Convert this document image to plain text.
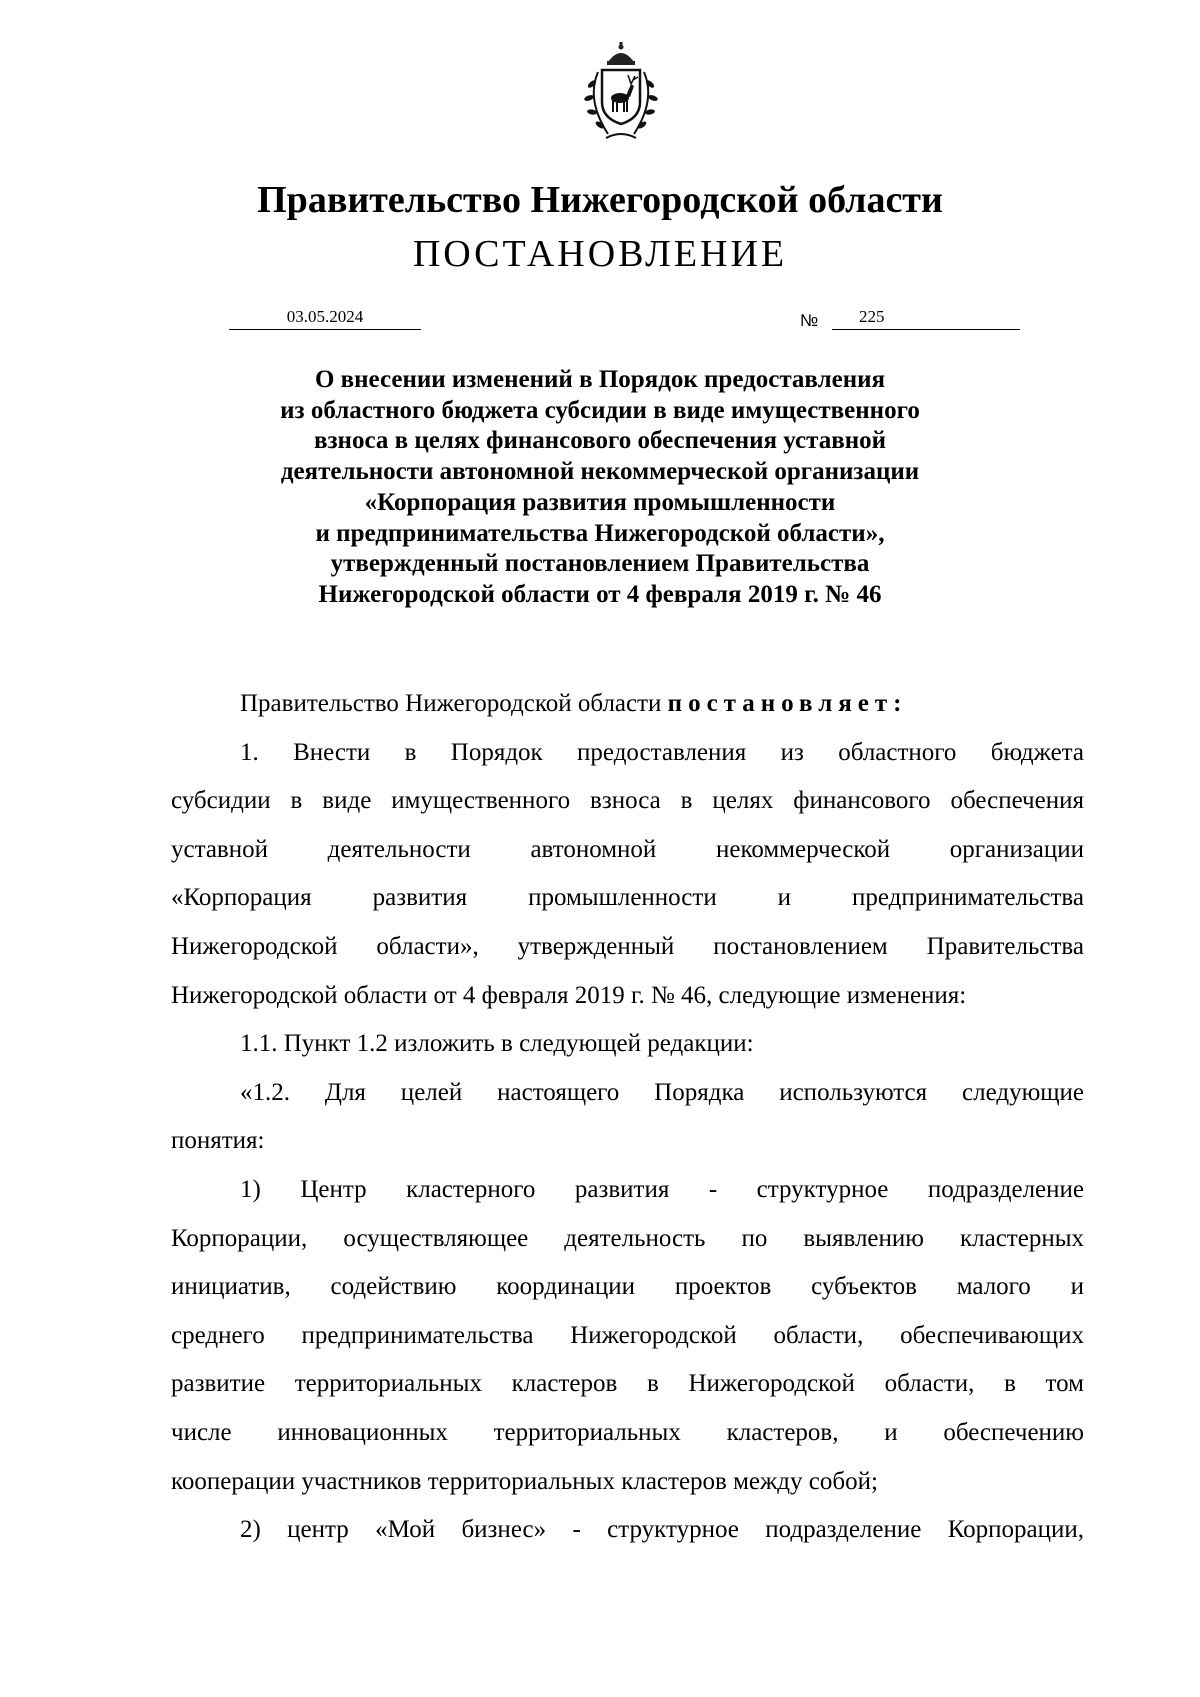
Правительство Нижегородской области
ПОСТАНОВЛЕНИЕ
03.05.2024	№	225
О внесении изменений в Порядок предоставления
из областного бюджета субсидии в виде имущественного
взноса в целях финансового обеспечения уставной
деятельности автономной некоммерческой организации
«Корпорация развития промышленности
и предпринимательства Нижегородской области»,
утвержденный постановлением Правительства
Нижегородской области от 4 февраля 2019 г. № 46

Правительство Нижегородской области постановляет:

1. Внести в Порядок предоставления из областного бюджета

субсидии в виде имущественного взноса в целях финансового обеспечения

уставной деятельности автономной некоммерческой организации

«Корпорация развития промышленности и предпринимательства

Нижегородской области», утвержденный постановлением Правительства

Нижегородской области от 4 февраля 2019 г. № 46, следующие изменения:

1.1. Пункт 1.2 изложить в следующей редакции:

«1.2. Для целей настоящего Порядка используются следующие

понятия:

1) Центр кластерного развития - структурное подразделение

Корпорации, осуществляющее деятельность по выявлению кластерных

инициатив, содействию координации проектов субъектов малого и

среднего предпринимательства Нижегородской области, обеспечивающих

развитие территориальных кластеров в Нижегородской области, в том

числе инновационных территориальных кластеров, и обеспечению

кооперации участников территориальных кластеров между собой;

2) центр «Мой бизнес» - структурное подразделение Корпорации,
